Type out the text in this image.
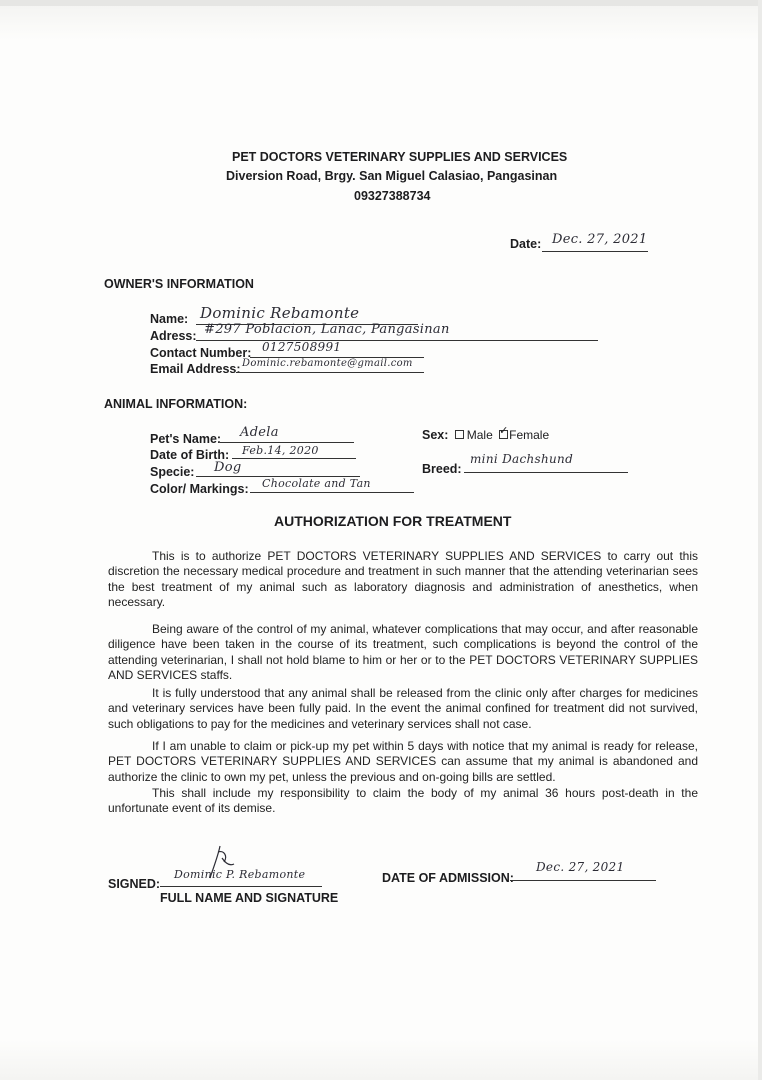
PET DOCTORS VETERINARY SUPPLIES AND SERVICES
Diversion Road, Brgy. San Miguel Calasiao, Pangasinan
09327388734
Date: Dec. 27, 2021
OWNER'S INFORMATION
Name: Dominic Rebamonte
Adress: #297 Poblacion, Lanac, Pangasinan
Contact Number: 0127508991
Email Address: Dominic.rebamonte@gmail.com
ANIMAL INFORMATION:
Pet's Name: Adela
Date of Birth: Feb.14, 2020
Specie: Dog
Color/ Markings: Chocolate and Tan
Sex: Male ✓ Female
Breed:
mini Dachshund
AUTHORIZATION FOR TREATMENT
This is to authorize PET DOCTORS VETERINARY SUPPLIES AND SERVICES to carry out this discretion the necessary medical procedure and treatment in such manner that the attending veterinarian sees the best treatment of my animal such as laboratory diagnosis and administration of anesthetics, when necessary.
Being aware of the control of my animal, whatever complications that may occur, and after reasonable diligence have been taken in the course of its treatment, such complications is beyond the control of the attending veterinarian, I shall not hold blame to him or her or to the PET DOCTORS VETERINARY SUPPLIES AND SERVICES staffs.
It is fully understood that any animal shall be released from the clinic only after charges for medicines and veterinary services have been fully paid. In the event the animal confined for treatment did not survived, such obligations to pay for the medicines and veterinary services shall not case.
If I am unable to claim or pick-up my pet within 5 days with notice that my animal is ready for release, PET DOCTORS VETERINARY SUPPLIES AND SERVICES can assume that my animal is abandoned and authorize the clinic to own my pet, unless the previous and on-going bills are settled.
This shall include my responsibility to claim the body of my animal 36 hours post-death in the unfortunate event of its demise.
SIGNED:
Dominic P. Rebamonte
FULL NAME AND SIGNATURE
DATE OF ADMISSION:
Dec. 27, 2021
